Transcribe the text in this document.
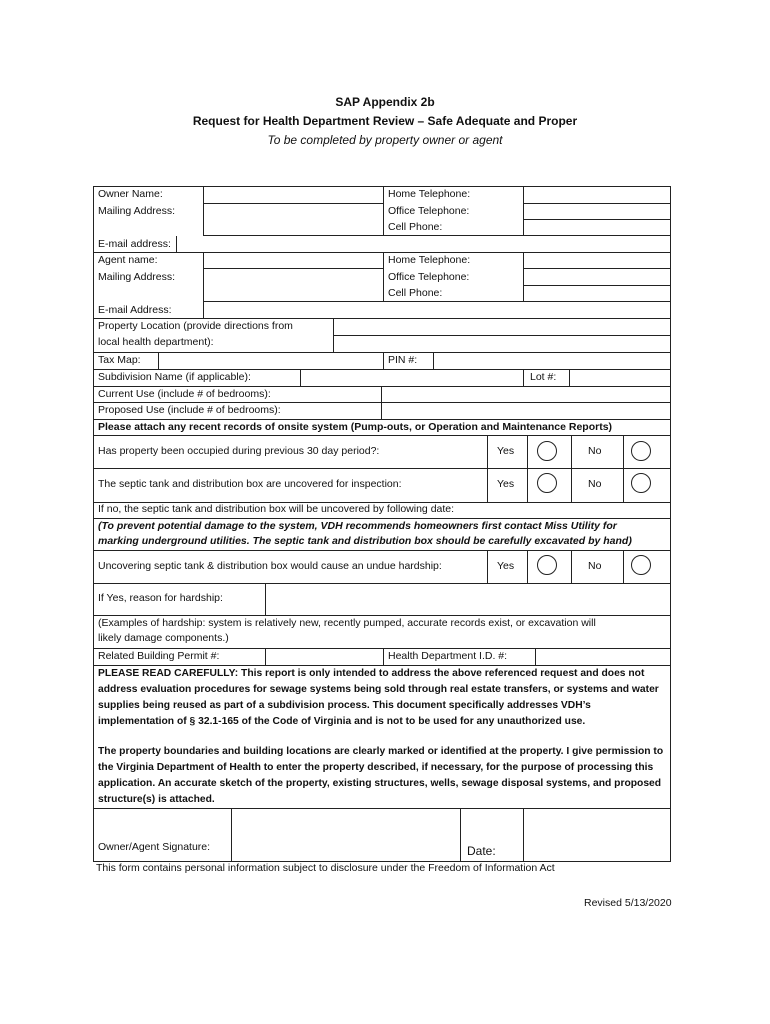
SAP Appendix 2b
Request for Health Department Review – Safe Adequate and Proper
To be completed by property owner or agent
Owner Name:
Mailing Address:
Home Telephone:
Office Telephone:
Cell Phone:
E-mail address:
Agent name:
Mailing Address:
Home Telephone:
Office Telephone:
Cell Phone:
E-mail Address:
Property Location (provide directions from
local health department):
Tax Map:	PIN #:
Subdivision Name (if applicable):	Lot #:
Current Use (include # of bedrooms):
Proposed Use (include # of bedrooms):
Please attach any recent records of onsite system (Pump-outs, or Operation and Maintenance Reports)
Has property been occupied during previous 30 day period?:	Yes	No
The septic tank and distribution box are uncovered for inspection:	Yes	No
If no, the septic tank and distribution box will be uncovered by following date:
(To prevent potential damage to the system, VDH recommends homeowners first contact Miss Utility for
marking underground utilities. The septic tank and distribution box should be carefully excavated by hand)
Uncovering septic tank & distribution box would cause an undue hardship:	Yes	No
If Yes, reason for hardship:
(Examples of hardship: system is relatively new, recently pumped, accurate records exist, or excavation will
likely damage components.)
Related Building Permit #:	Health Department I.D. #:
PLEASE READ CAREFULLY: This report is only intended to address the above referenced request and does not address evaluation procedures for sewage systems being sold through real estate transfers, or systems and water supplies being reused as part of a subdivision process. This document specifically addresses VDH’s implementation of § 32.1-165 of the Code of Virginia and is not to be used for any unauthorized use.
The property boundaries and building locations are clearly marked or identified at the property. I give permission to the Virginia Department of Health to enter the property described, if necessary, for the purpose of processing this application. An accurate sketch of the property, existing structures, wells, sewage disposal systems, and proposed structure(s) is attached.
Owner/Agent Signature:	Date:
This form contains personal information subject to disclosure under the Freedom of Information Act
Revised 5/13/2020
